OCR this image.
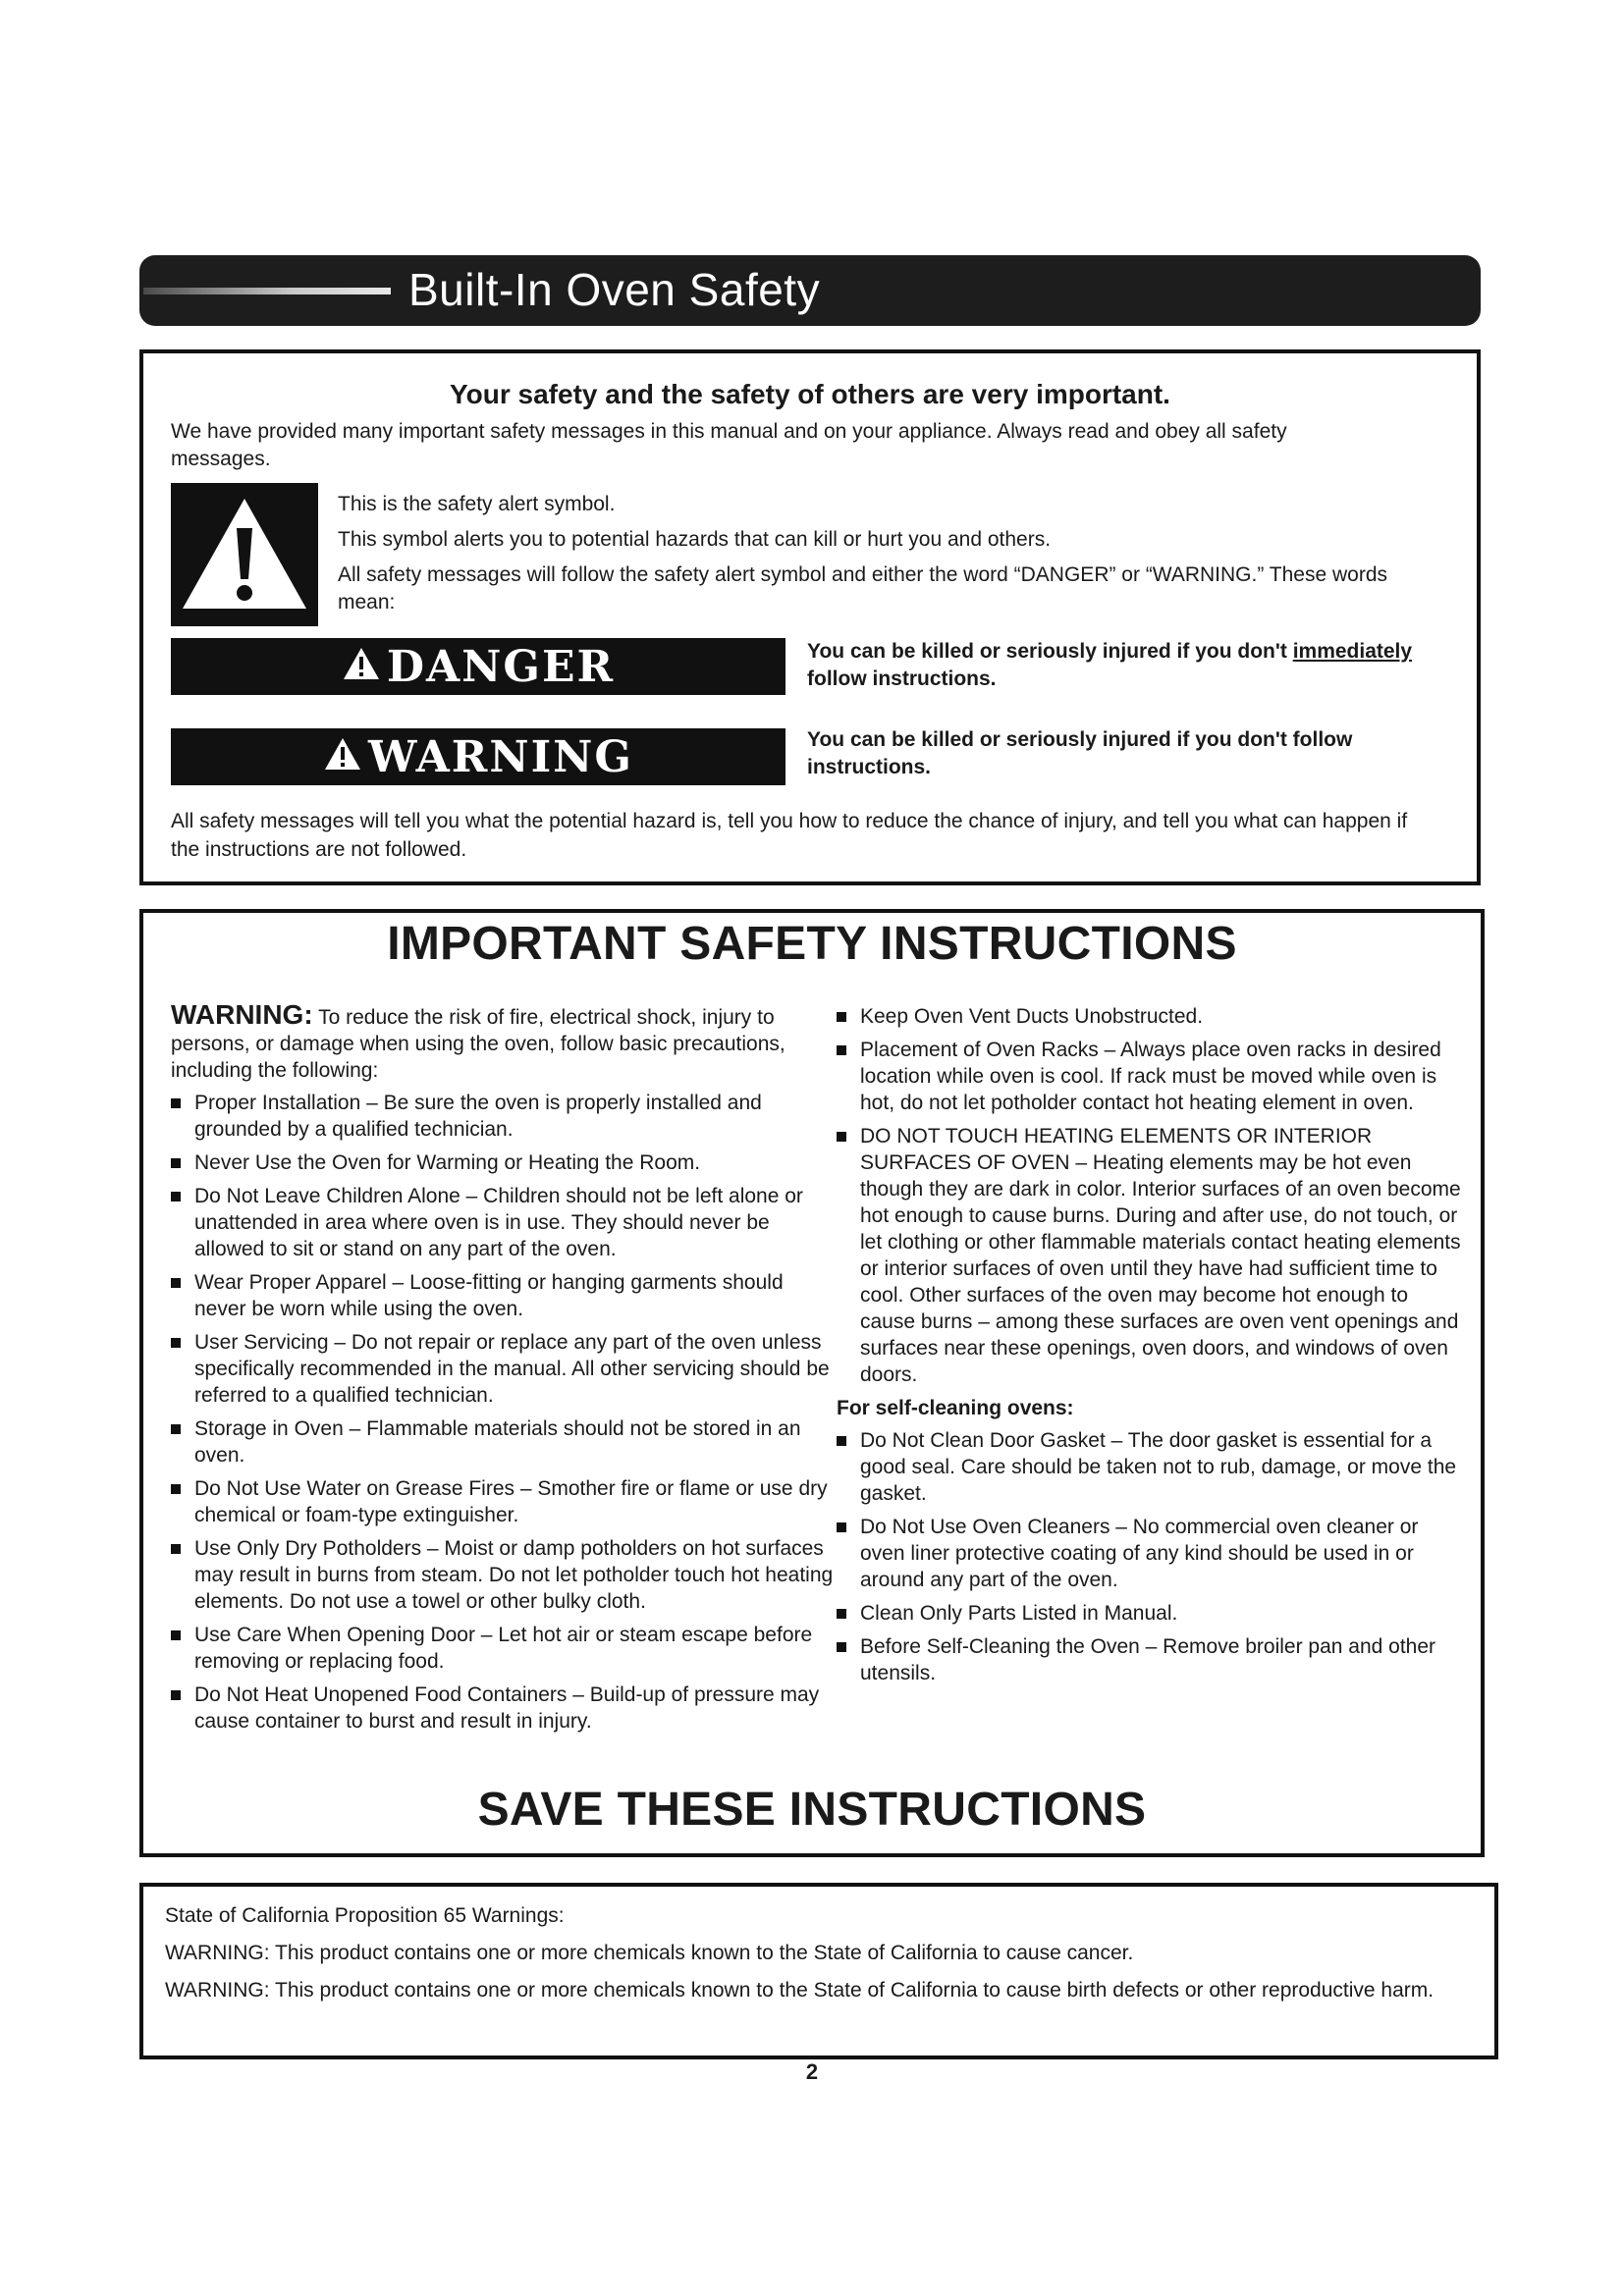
Built-In Oven Safety
Your safety and the safety of others are very important.
We have provided many important safety messages in this manual and on your appliance. Always read and obey all safety messages.

This is the safety alert symbol.

This symbol alerts you to potential hazards that can kill or hurt you and others.

All safety messages will follow the safety alert symbol and either the word “DANGER” or “WARNING.” These words mean:

DANGER	You can be killed or seriously injured if you don't immediately follow instructions.
WARNING	You can be killed or seriously injured if you don't follow instructions.
All safety messages will tell you what the potential hazard is, tell you how to reduce the chance of injury, and tell you what can happen if the instructions are not followed.
IMPORTANT SAFETY INSTRUCTIONS
WARNING: To reduce the risk of fire, electrical shock, injury to persons, or damage when using the oven, follow basic precautions, including the following:
Proper Installation – Be sure the oven is properly installed and grounded by a qualified technician.
Never Use the Oven for Warming or Heating the Room.
Do Not Leave Children Alone – Children should not be left alone or unattended in area where oven is in use. They should never be allowed to sit or stand on any part of the oven.
Wear Proper Apparel – Loose-fitting or hanging garments should never be worn while using the oven.
User Servicing – Do not repair or replace any part of the oven unless specifically recommended in the manual. All other servicing should be referred to a qualified technician.
Storage in Oven – Flammable materials should not be stored in an oven.
Do Not Use Water on Grease Fires – Smother fire or flame or use dry chemical or foam-type extinguisher.
Use Only Dry Potholders – Moist or damp potholders on hot surfaces may result in burns from steam. Do not let potholder touch hot heating elements. Do not use a towel or other bulky cloth.
Use Care When Opening Door – Let hot air or steam escape before removing or replacing food.
Do Not Heat Unopened Food Containers – Build-up of pressure may cause container to burst and result in injury.
Keep Oven Vent Ducts Unobstructed.
Placement of Oven Racks – Always place oven racks in desired location while oven is cool. If rack must be moved while oven is hot, do not let potholder contact hot heating element in oven.
DO NOT TOUCH HEATING ELEMENTS OR INTERIOR SURFACES OF OVEN – Heating elements may be hot even though they are dark in color. Interior surfaces of an oven become hot enough to cause burns. During and after use, do not touch, or let clothing or other flammable materials contact heating elements or interior surfaces of oven until they have had sufficient time to cool. Other surfaces of the oven may become hot enough to cause burns – among these surfaces are oven vent openings and surfaces near these openings, oven doors, and windows of oven doors.
For self-cleaning ovens:
Do Not Clean Door Gasket – The door gasket is essential for a good seal. Care should be taken not to rub, damage, or move the gasket.
Do Not Use Oven Cleaners – No commercial oven cleaner or oven liner protective coating of any kind should be used in or around any part of the oven.
Clean Only Parts Listed in Manual.
Before Self-Cleaning the Oven – Remove broiler pan and other utensils.
SAVE THESE INSTRUCTIONS

State of California Proposition 65 Warnings:

WARNING: This product contains one or more chemicals known to the State of California to cause cancer.

WARNING: This product contains one or more chemicals known to the State of California to cause birth defects or other reproductive harm.

2
